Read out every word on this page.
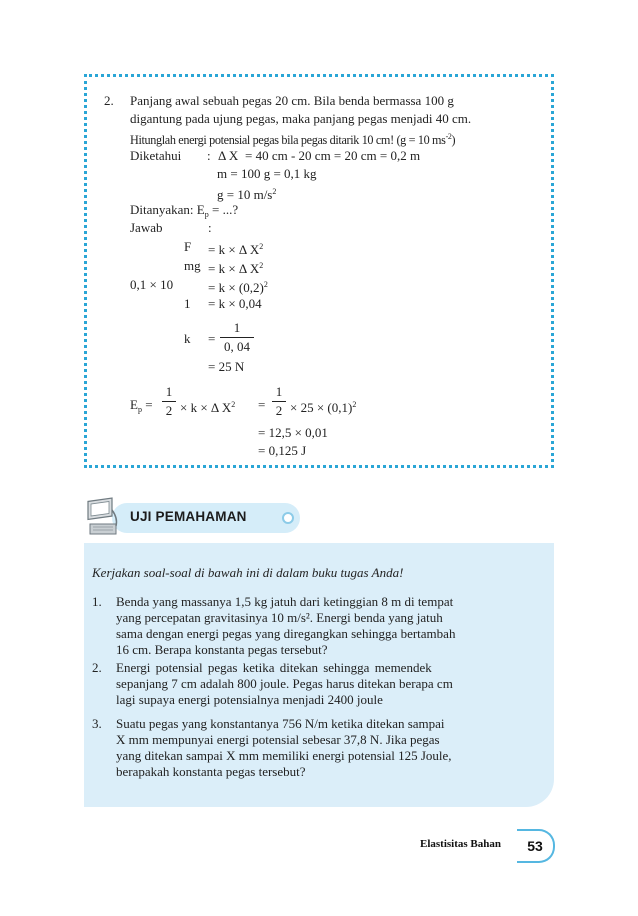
2. Panjang awal sebuah pegas 20 cm. Bila benda bermassa 100 g
digantung pada ujung pegas, maka panjang pegas menjadi 40 cm.
Hitunglah energi potensial pegas bila pegas ditarik 10 cm! (g = 10 $ms^{-2}$)
Diketahui : Δ X = 40 cm - 20 cm = 20 cm = 0,2 m
m = 100 g = 0,1 kg
g = 10 $m/s^2$
Ditanyakan: $E_p$ = ...?
Jawab	:
F = k × Δ $X^2$
mg = k × Δ $X^2$
0,1 × 10	= $k \times (0,2)^2$
1 = k × 0,04
k =
1
0, 04
= 25 N
$E_p$ =
1
2 × k × Δ $X^2$ =
1
$2 \times 25 \times (0,1)^2$
= 12,5 × 0,01
= 0,125 J
UJI PEMAHAMAN
Kerjakan soal-soal di bawah ini di dalam buku tugas Anda!
1. Benda yang massanya 1,5 kg jatuh dari ketinggian 8 m di tempat
yang percepatan gravitasinya 10 m/s². Energi benda yang jatuh
sama dengan energi pegas yang diregangkan sehingga bertambah
16 cm. Berapa konstanta pegas tersebut?
2. Energi potensial pegas ketika ditekan sehingga memendek
sepanjang 7 cm adalah 800 joule. Pegas harus ditekan berapa cm
lagi supaya energi potensialnya menjadi 2400 joule
3. Suatu pegas yang konstantanya 756 N/m ketika ditekan sampai
X mm mempunyai energi potensial sebesar 37,8 N. Jika pegas
yang ditekan sampai X mm memiliki energi potensial 125 Joule,
berapakah konstanta pegas tersebut?
Elastisitas Bahan	53
